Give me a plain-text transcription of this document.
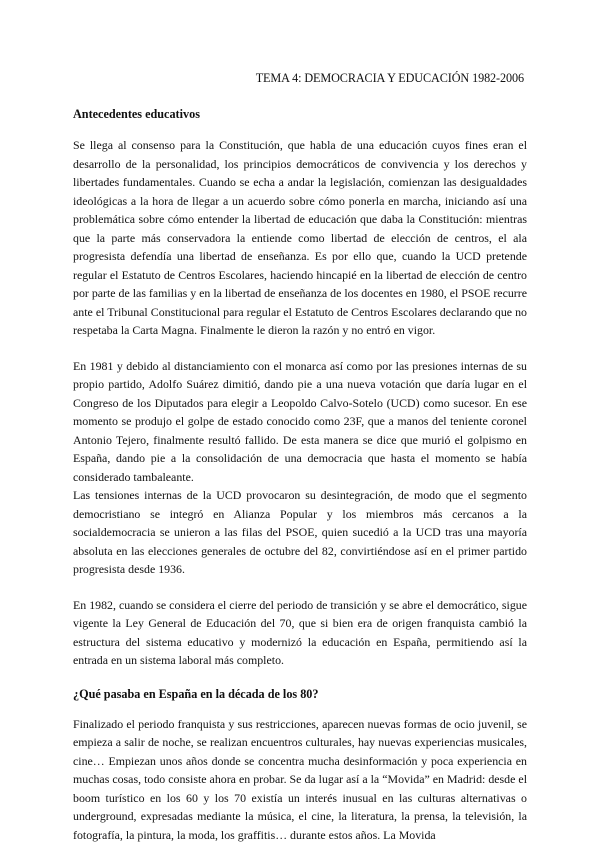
TEMA 4: DEMOCRACIA Y EDUCACIÓN 1982-2006
Antecedentes educativos

Se llega al consenso para la Constitución, que habla de una educación cuyos fines eran el desarrollo de la personalidad, los principios democráticos de convivencia y los derechos y libertades fundamentales. Cuando se echa a andar la legislación, comienzan las desigualdades ideológicas a la hora de llegar a un acuerdo sobre cómo ponerla en marcha, iniciando así una problemática sobre cómo entender la libertad de educación que daba la Constitución: mientras que la parte más conservadora la entiende como libertad de elección de centros, el ala progresista defendía una libertad de enseñanza. Es por ello que, cuando la UCD pretende regular el Estatuto de Centros Escolares, haciendo hincapié en la libertad de elección de centro por parte de las familias y en la libertad de enseñanza de los docentes en 1980, el PSOE recurre ante el Tribunal Constitucional para regular el Estatuto de Centros Escolares declarando que no respetaba la Carta Magna. Finalmente le dieron la razón y no entró en vigor.

En 1981 y debido al distanciamiento con el monarca así como por las presiones internas de su propio partido, Adolfo Suárez dimitió, dando pie a una nueva votación que daría lugar en el Congreso de los Diputados para elegir a Leopoldo Calvo-Sotelo (UCD) como sucesor. En ese momento se produjo el golpe de estado conocido como 23F, que a manos del teniente coronel Antonio Tejero, finalmente resultó fallido. De esta manera se dice que murió el golpismo en España, dando pie a la consolidación de una democracia que hasta el momento se había considerado tambaleante.

Las tensiones internas de la UCD provocaron su desintegración, de modo que el segmento democristiano se integró en Alianza Popular y los miembros más cercanos a la socialdemocracia se unieron a las filas del PSOE, quien sucedió a la UCD tras una mayoría absoluta en las elecciones generales de octubre del 82, convirtiéndose así en el primer partido progresista desde 1936.

En 1982, cuando se considera el cierre del periodo de transición y se abre el democrático, sigue vigente la Ley General de Educación del 70, que si bien era de origen franquista cambió la estructura del sistema educativo y modernizó la educación en España, permitiendo así la entrada en un sistema laboral más completo.

¿Qué pasaba en España en la década de los 80?

Finalizado el periodo franquista y sus restricciones, aparecen nuevas formas de ocio juvenil, se empieza a salir de noche, se realizan encuentros culturales, hay nuevas experiencias musicales, cine… Empiezan unos años donde se concentra mucha desinformación y poca experiencia en muchas cosas, todo consiste ahora en probar. Se da lugar así a la “Movida” en Madrid: desde el boom turístico en los 60 y los 70 existía un interés inusual en las culturas alternativas o underground, expresadas mediante la música, el cine, la literatura, la prensa, la televisión, la fotografía, la pintura, la moda, los graffitis… durante estos años. La Movida
